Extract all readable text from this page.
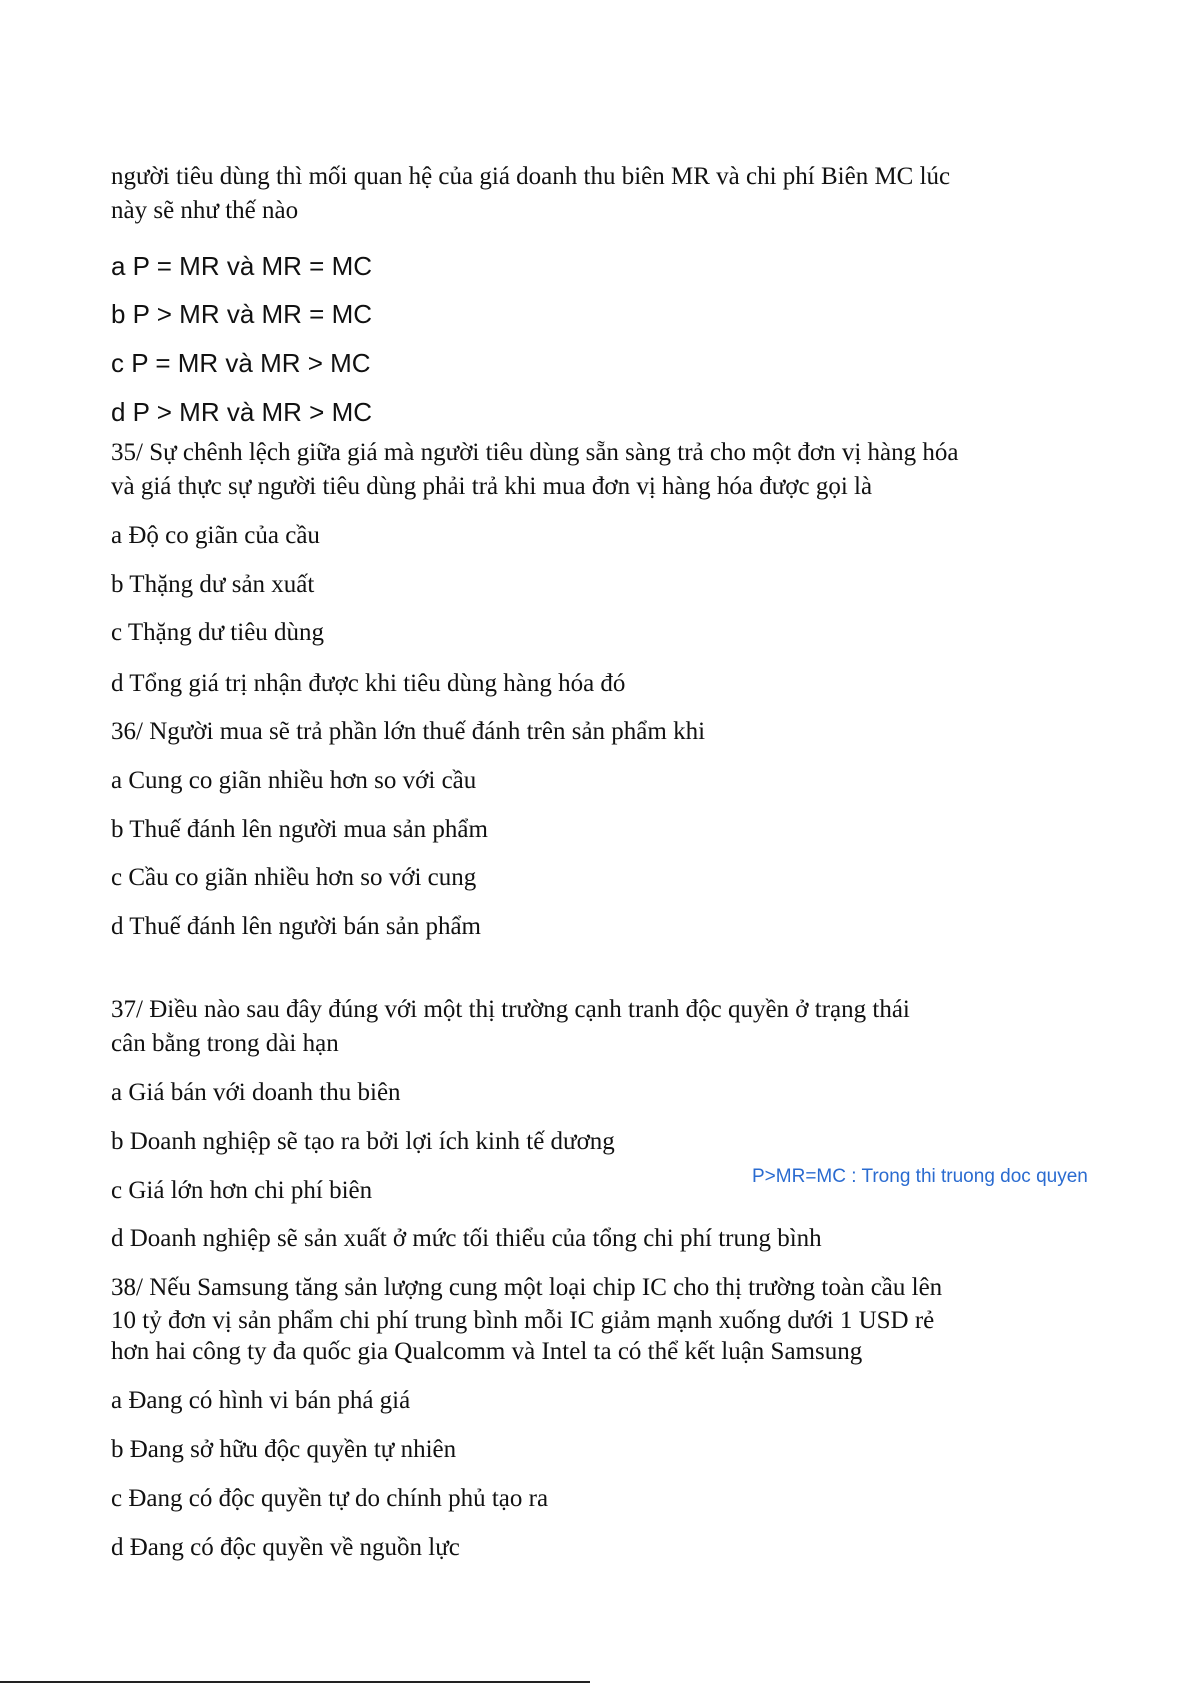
người tiêu dùng thì mối quan hệ của giá doanh thu biên MR và chi phí Biên MC lúc
này sẽ như thế nào
a P = MR và MR = MC
b P > MR và MR = MC
c P = MR và MR > MC
d P > MR và MR > MC
35/ Sự chênh lệch giữa giá mà người tiêu dùng sẵn sàng trả cho một đơn vị hàng hóa
và giá thực sự người tiêu dùng phải trả khi mua đơn vị hàng hóa được gọi là
a Độ co giãn của cầu
b Thặng dư sản xuất
c Thặng dư tiêu dùng
d Tổng giá trị nhận được khi tiêu dùng hàng hóa đó
36/ Người mua sẽ trả phần lớn thuế đánh trên sản phẩm khi
a Cung co giãn nhiều hơn so với cầu
b Thuế đánh lên người mua sản phẩm
c Cầu co giãn nhiều hơn so với cung
d Thuế đánh lên người bán sản phẩm
37/ Điều nào sau đây đúng với một thị trường cạnh tranh độc quyền ở trạng thái
cân bằng trong dài hạn
a Giá bán với doanh thu biên
b Doanh nghiệp sẽ tạo ra bởi lợi ích kinh tế dương
c Giá lớn hơn chi phí biên
d Doanh nghiệp sẽ sản xuất ở mức tối thiểu của tổng chi phí trung bình
P>MR=MC : Trong thi truong doc quyen
38/ Nếu Samsung tăng sản lượng cung một loại chip IC cho thị trường toàn cầu lên
10 tỷ đơn vị sản phẩm chi phí trung bình mỗi IC giảm mạnh xuống dưới 1 USD rẻ
hơn hai công ty đa quốc gia Qualcomm và Intel ta có thể kết luận Samsung
a Đang có hình vi bán phá giá
b Đang sở hữu độc quyền tự nhiên
c Đang có độc quyền tự do chính phủ tạo ra
d Đang có độc quyền về nguồn lực
